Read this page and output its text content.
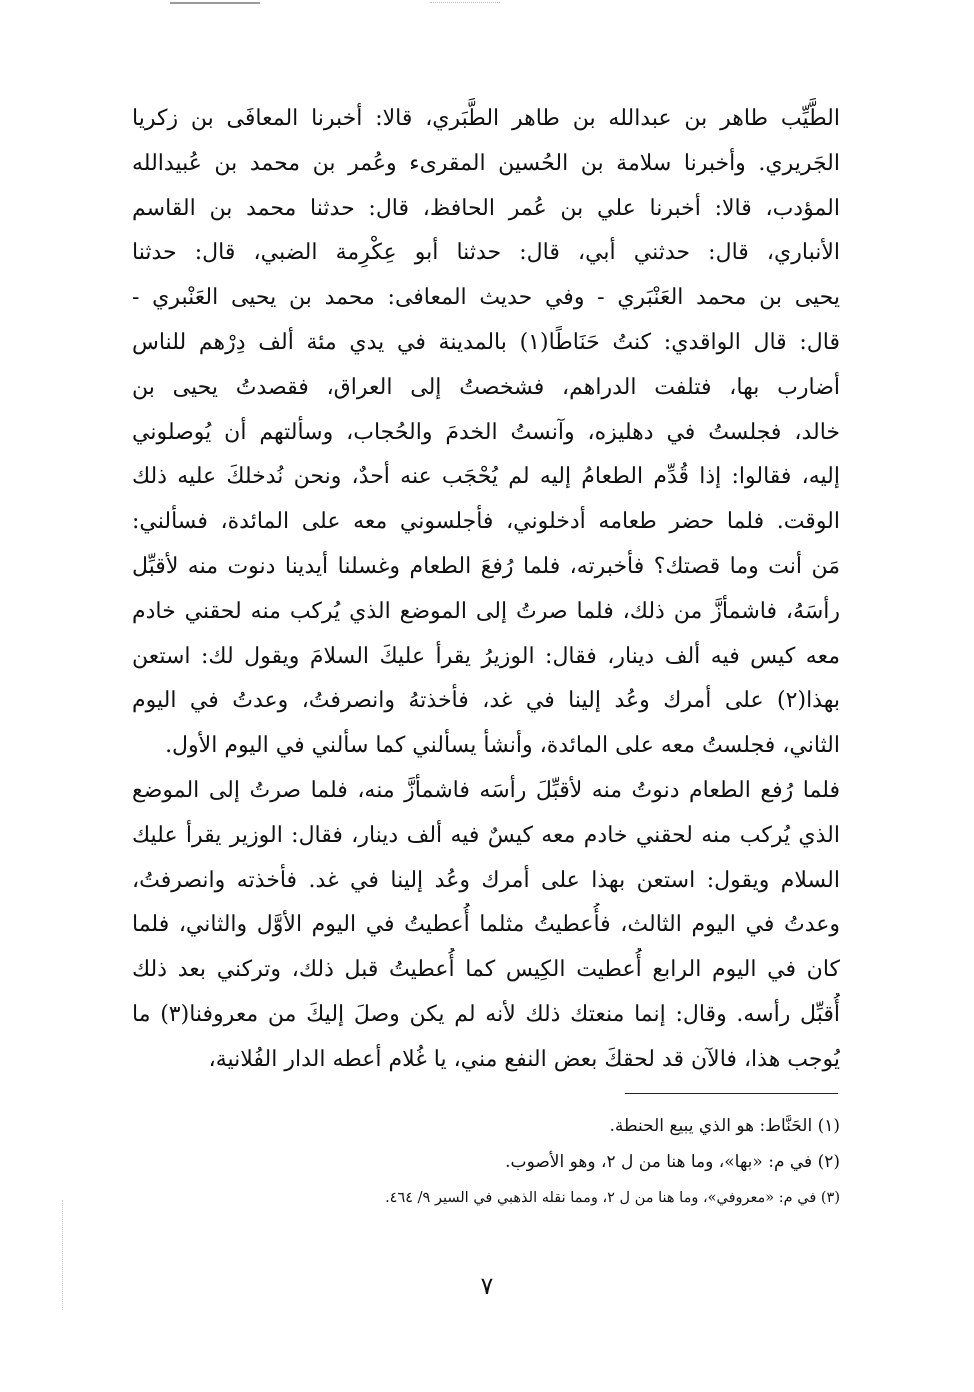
الطَّيِّب طاهر بن عبدالله بن طاهر الطَّبَري، قالا: أخبرنا المعافَى بن زكريا
الجَريري. وأخبرنا سلامة بن الحُسين المقرىء وعُمر بن محمد بن عُبيدالله
المؤدب، قالا: أخبرنا علي بن عُمر الحافظ، قال: حدثنا محمد بن القاسم
الأنباري، قال: حدثني أبي، قال: حدثنا أبو عِكْرِمة الضبي، قال: حدثنا
يحيى بن محمد العَنْبَري - وفي حديث المعافى: محمد بن يحيى العَنْبري -
قال: قال الواقدي: كنتُ حَنَاطًا(١) بالمدينة في يدي مئة ألف دِرْهم للناس
أضارب بها، فتلفت الدراهم، فشخصتُ إلى العراق، فقصدتُ يحيى بن
خالد، فجلستُ في دهليزه، وآنستُ الخدمَ والحُجاب، وسألتهم أن يُوصلوني
إليه، فقالوا: إذا قُدِّم الطعامُ إليه لم يُحْجَب عنه أحدٌ، ونحن نُدخلكَ عليه ذلك
الوقت. فلما حضر طعامه أدخلوني، فأجلسوني معه على المائدة، فسألني:
مَن أنت وما قصتك؟ فأخبرته، فلما رُفعَ الطعام وغسلنا أيدينا دنوت منه لأقبِّل
رأسَهُ، فاشمأزَّ من ذلك، فلما صرتُ إلى الموضع الذي يُركب منه لحقني خادم
معه كيس فيه ألف دينار، فقال: الوزيرُ يقرأ عليكَ السلامَ ويقول لك: استعن
بهذا(٢) على أمرك وعُد إلينا في غد، فأخذتهُ وانصرفتُ، وعدتُ في اليوم
الثاني، فجلستُ معه على المائدة، وأنشأ يسألني كما سألني في اليوم الأول.
فلما رُفع الطعام دنوتُ منه لأقبِّلَ رأسَه فاشمأزَّ منه، فلما صرتُ إلى الموضع
الذي يُركب منه لحقني خادم معه كيسٌ فيه ألف دينار، فقال: الوزير يقرأ عليك
السلام ويقول: استعن بهذا على أمرك وعُد إلينا في غد. فأخذته وانصرفتُ،
وعدتُ في اليوم الثالث، فأُعطيتُ مثلما أُعطيتُ في اليوم الأوَّل والثاني، فلما
كان في اليوم الرابع أُعطيت الكِيس كما أُعطيتُ قبل ذلك، وتركني بعد ذلك
أُقبِّل رأسه. وقال: إنما منعتك ذلك لأنه لم يكن وصلَ إليكَ من معروفنا(٣) ما
يُوجب هذا، فالآن قد لحقكَ بعض النفع مني، يا غُلام أعطه الدار الفُلانية،
(١) الحَنَّاط: هو الذي يبيع الحنطة.
(٢) في م: «بها»، وما هنا من ل ٢، وهو الأصوب.
(٣) في م: «معروفي»، وما هنا من ل ٢، ومما نقله الذهبي في السير ٩/ ٤٦٤.
٧
